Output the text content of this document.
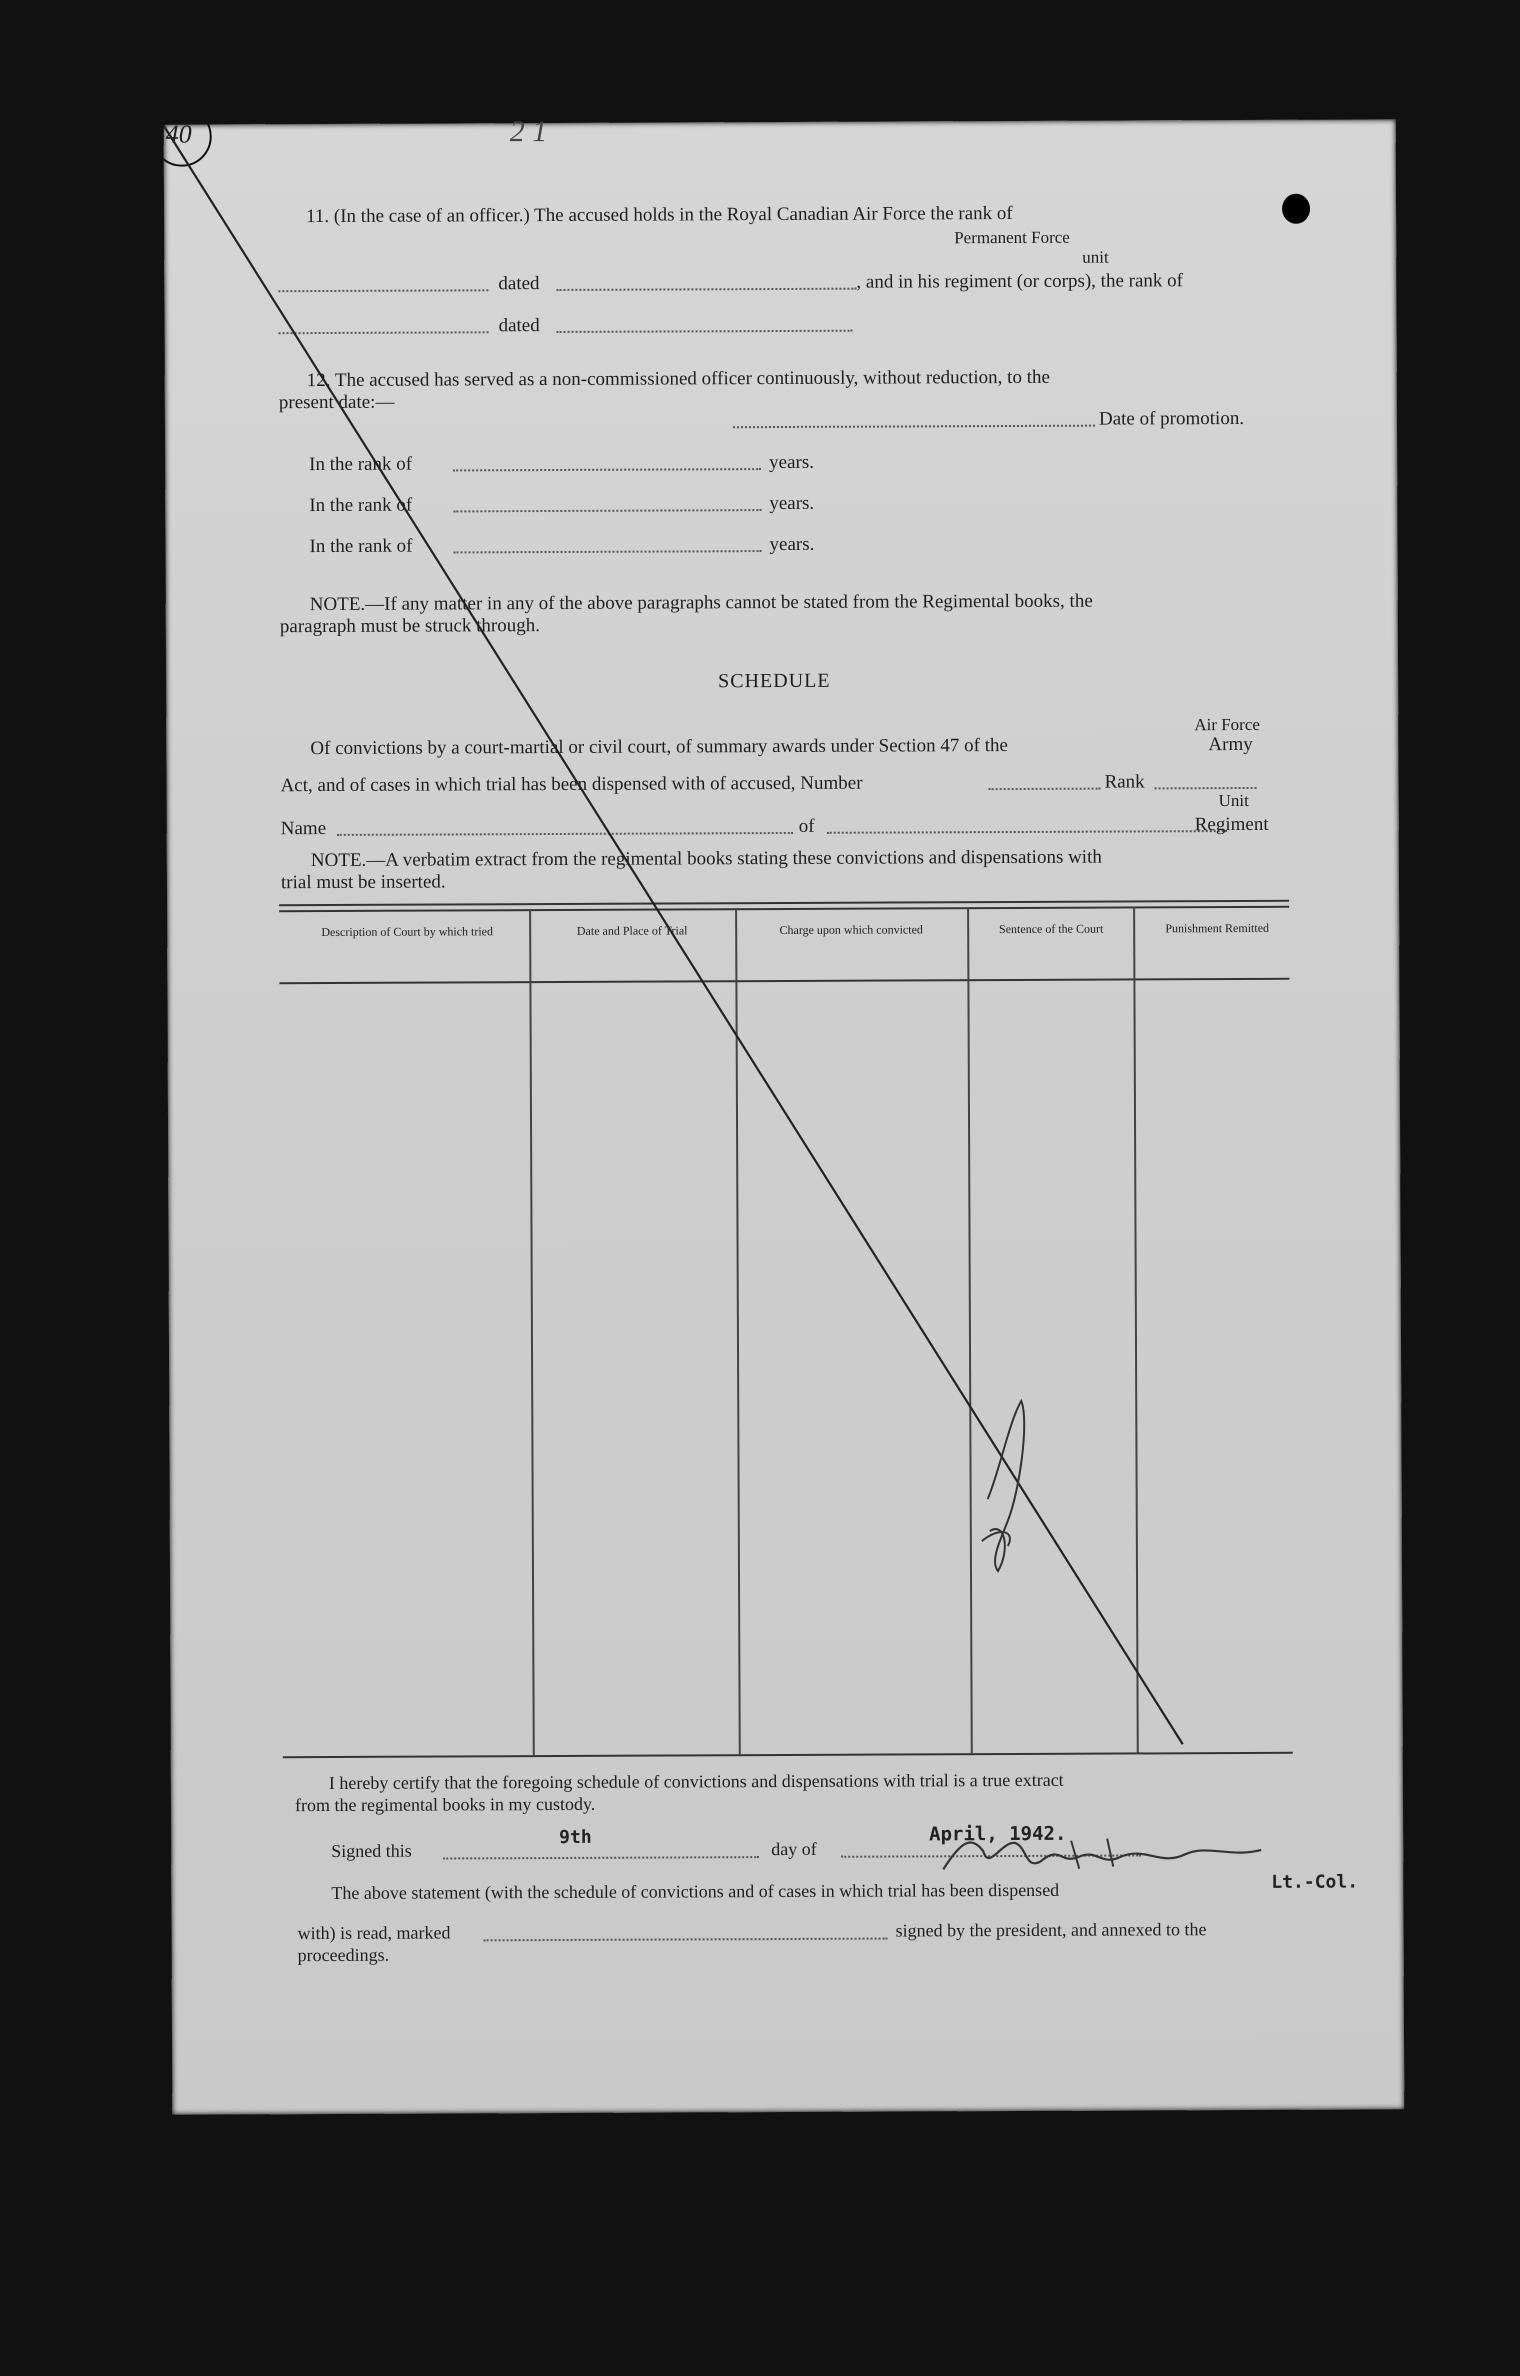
40	2 1
11. (In the case of an officer.) The accused holds in the Royal Canadian Air Force the rank of
Permanent Force
unit
dated	, and in his regiment (or corps), the rank of
dated
12. The accused has served as a non-commissioned officer continuously, without reduction, to the
present date:—
Date of promotion.
In the rank of	years.
In the rank of	years.
In the rank of	years.
NOTE.—If any matter in any of the above paragraphs cannot be stated from the Regimental books, the
paragraph must be struck through.
SCHEDULE
Air Force
Of convictions by a court-martial or civil court, of summary awards under Section 47 of the	Army
Act, and of cases in which trial has been dispensed with of accused, Number	Rank
Unit
Name	of	Regiment
NOTE.—A verbatim extract from the regimental books stating these convictions and dispensations with
trial must be inserted.
Description of Court by which tried	Date and Place of Trial	Charge upon which convicted	Sentence of the Court	Punishment Remitted
I hereby certify that the foregoing schedule of convictions and dispensations with trial is a true extract
from the regimental books in my custody.
Signed this
9th
day of
April, 1942.
Lt.-Col.
The above statement (with the schedule of convictions and of cases in which trial has been dispensed
with) is read, marked	signed by the president, and annexed to the
proceedings.
